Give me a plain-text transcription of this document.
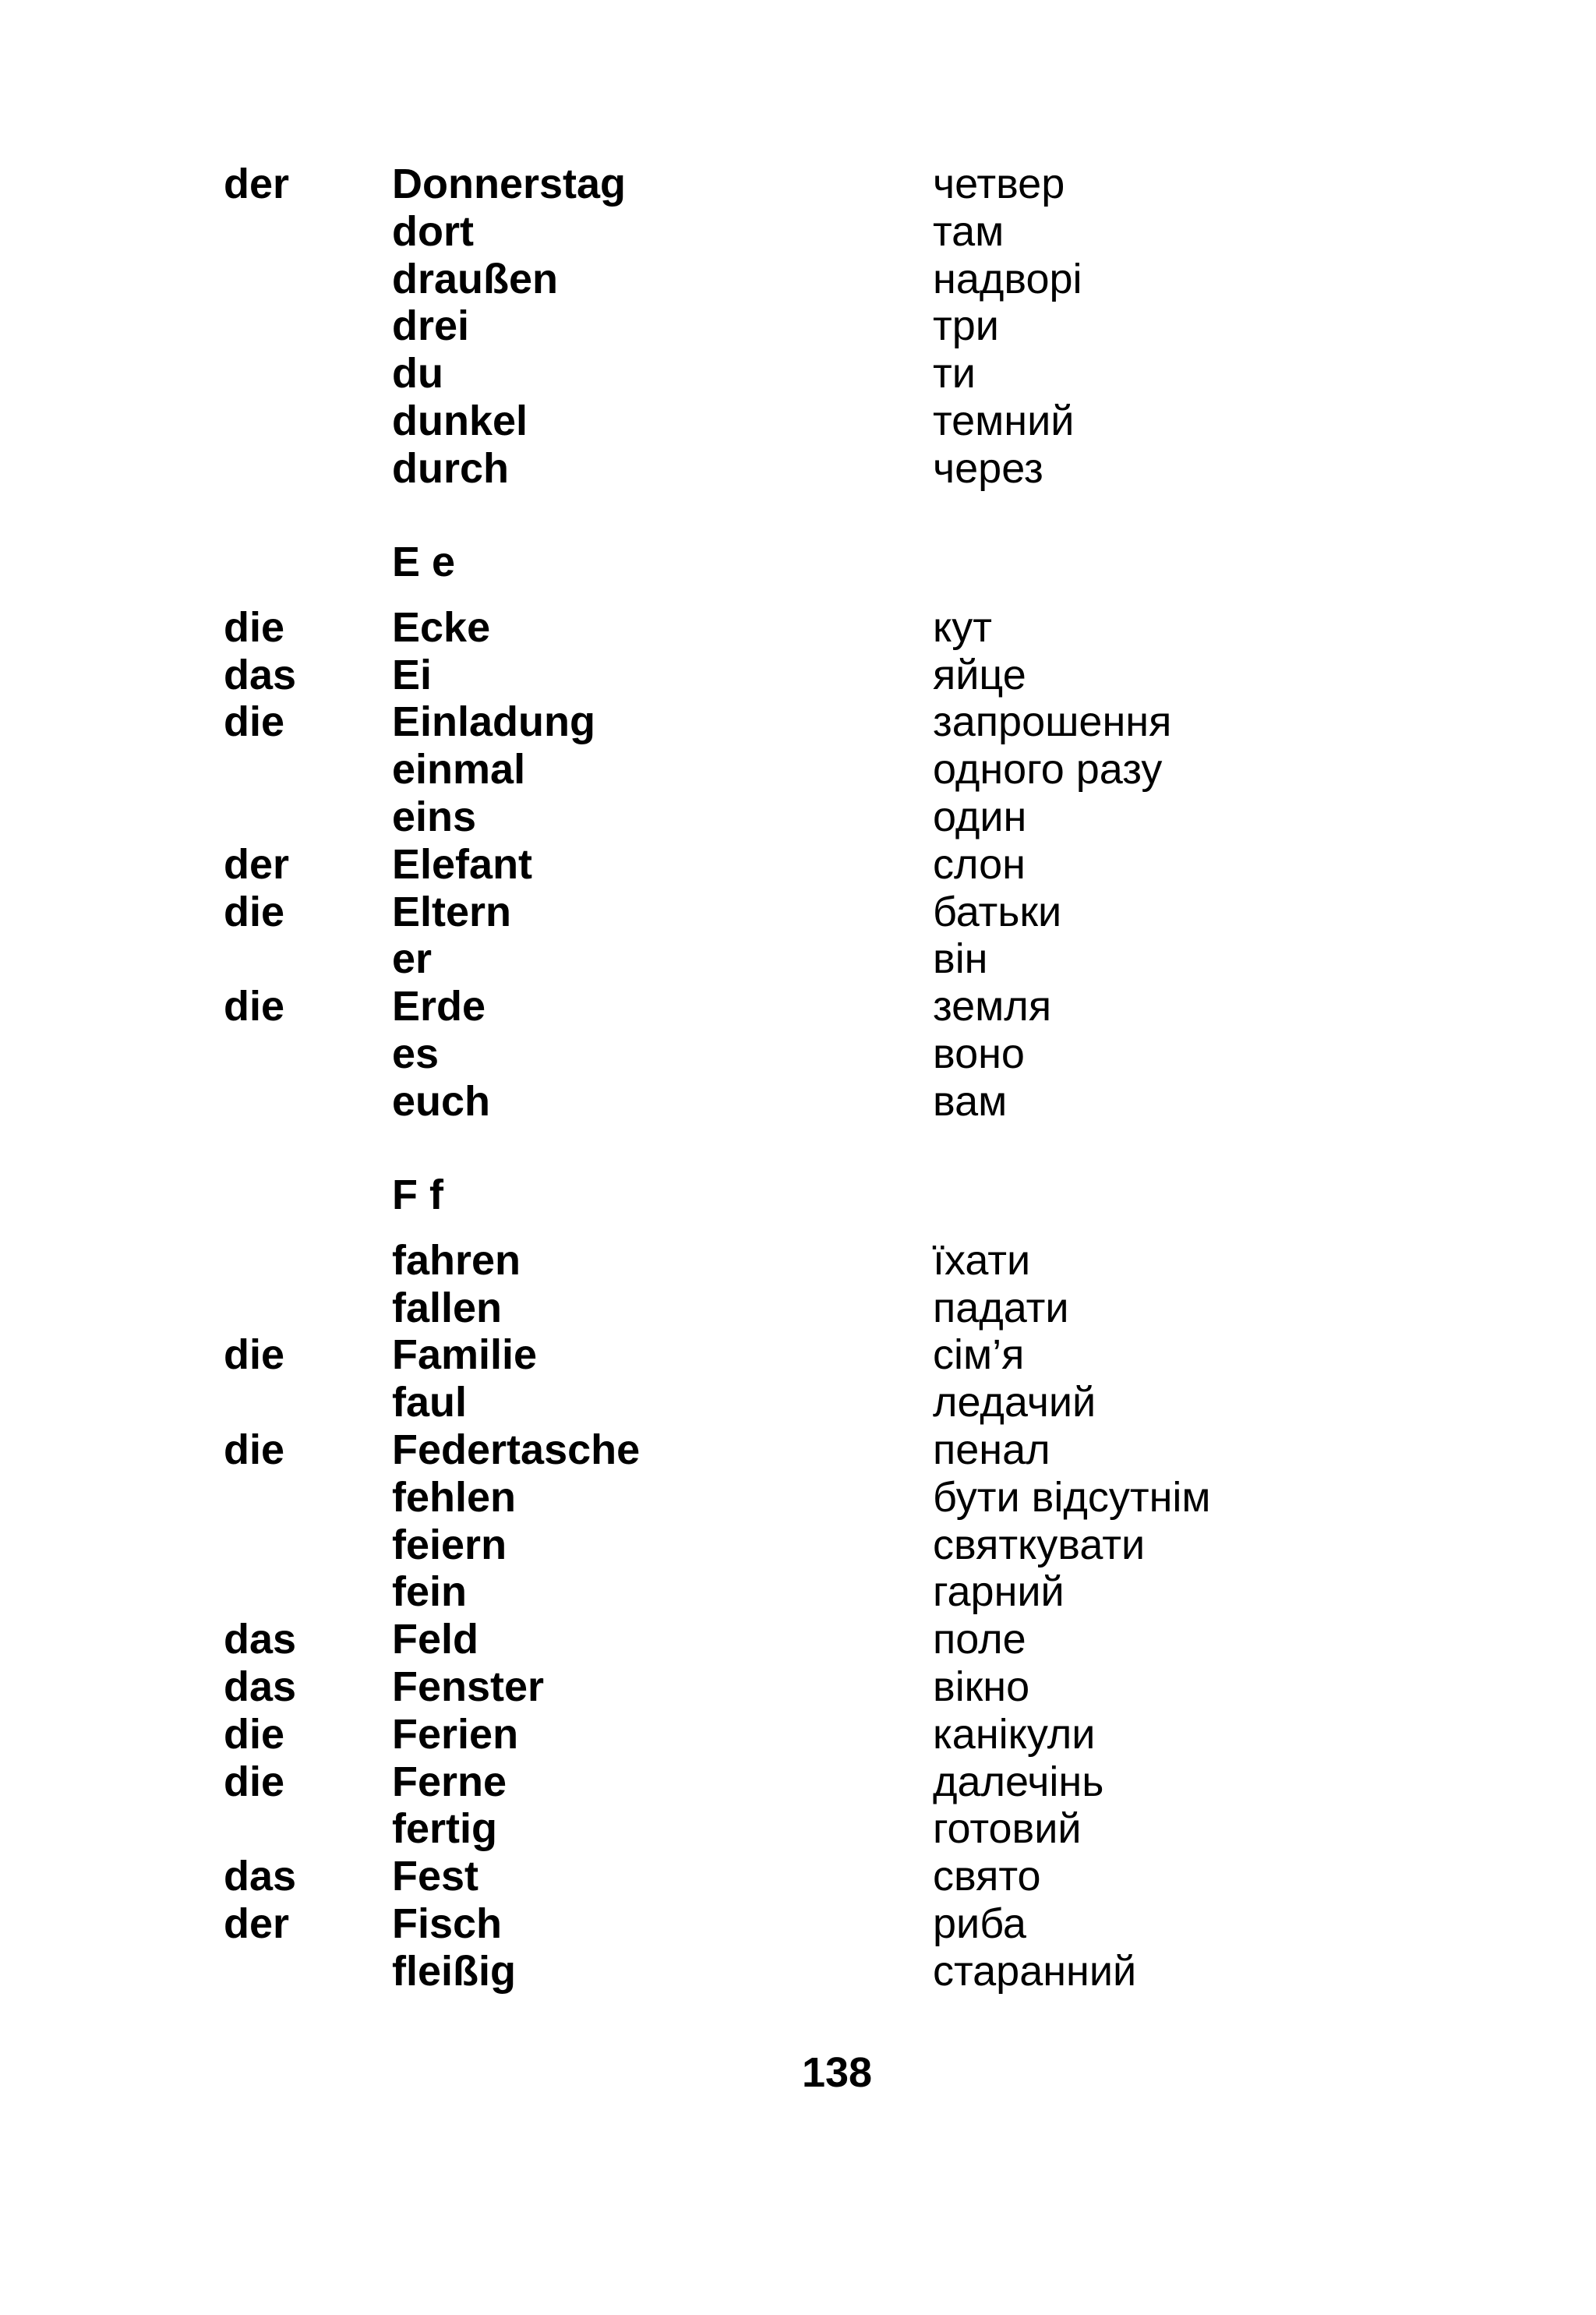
der Donnerstag	четвер
dort	там
draußen	надворі
drei	три
du	ти
dunkel	темний
durch	через
E e
die	Ecke	кут
das Ei	яйце
die	Einladung	запрошення
einmal	одного разу
eins	один
der Elefant	слон
die	Eltern	батьки
er	він
die	Erde	земля
es	воно
euch	вам
F f
fahren	їхати
fallen	падати
die	Familie	сім’я
faul	ледачий
die	Federtasche	пенал
fehlen	бути відсутнім
feiern	святкувати
fein	гарний
das Feld	поле
das Fenster	вікно
die	Ferien	канікули
die	Ferne	далечінь
fertig	готовий
das Fest	свято
der Fisch	риба
fleißig	старанний
138
